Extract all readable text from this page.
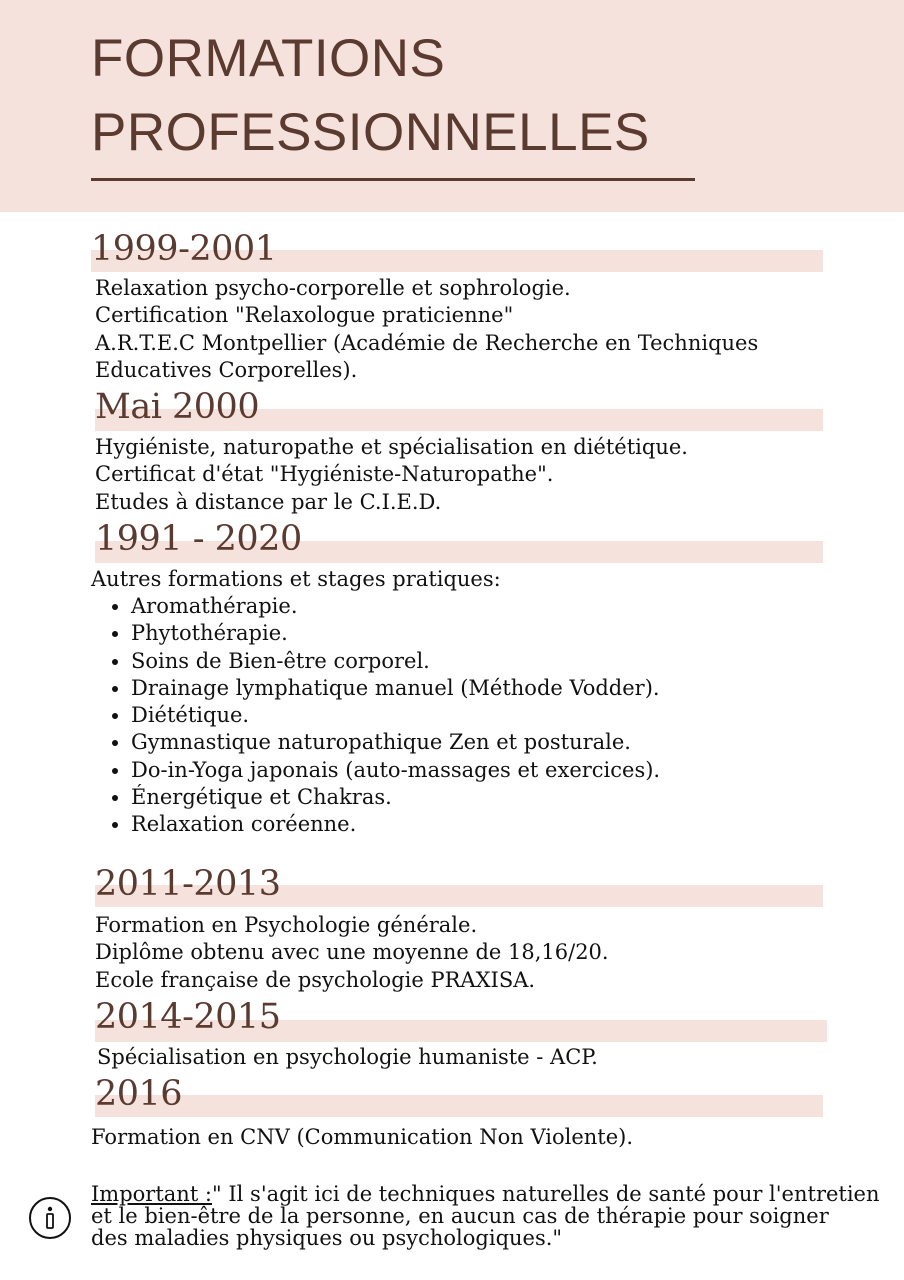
FORMATIONS
PROFESSIONNELLES
1999-2001
Relaxation psycho-corporelle et sophrologie.
Certification "Relaxologue praticienne"
A.R.T.E.C Montpellier (Académie de Recherche en Techniques
Educatives Corporelles).
Mai 2000
Hygiéniste, naturopathe et spécialisation en diététique.
Certificat d'état "Hygiéniste-Naturopathe".
Etudes à distance par le C.I.E.D.
1991 - 2020
Autres formations et stages pratiques:
• Aromathérapie.
• Phytothérapie.
• Soins de Bien-être corporel.
• Drainage lymphatique manuel (Méthode Vodder).
• Diététique.
• Gymnastique naturopathique Zen et posturale.
• Do-in-Yoga japonais (auto-massages et exercices).
• Énergétique et Chakras.
• Relaxation coréenne.
2011-2013
Formation en Psychologie générale.
Diplôme obtenu avec une moyenne de 18,16/20.
Ecole française de psychologie PRAXISA.
2014-2015
Spécialisation en psychologie humaniste - ACP.
2016
Formation en CNV (Communication Non Violente).
Important :" Il s'agit ici de techniques naturelles de santé pour l'entretien
et le bien-être de la personne, en aucun cas de thérapie pour soigner
des maladies physiques ou psychologiques."
